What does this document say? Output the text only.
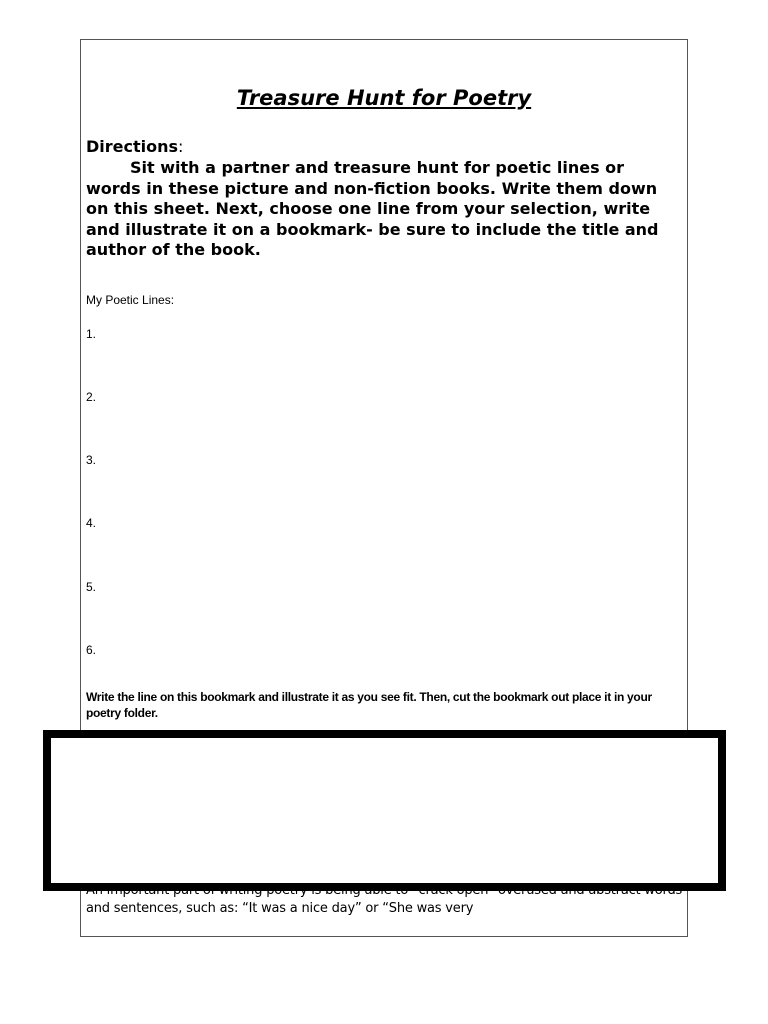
Treasure Hunt for Poetry
Directions:
Sit with a partner and treasure hunt for poetic lines or words in these picture and non-fiction books. Write them down on this sheet. Next, choose one line from your selection, write and illustrate it on a bookmark- be sure to include the title and author of the book.
My Poetic Lines:
1.
2.
3.
4.
5.
6.
Write the line on this bookmark and illustrate it as you see fit. Then, cut the bookmark out place it in your poetry folder.
and sentences, such as: “It was a nice day” or “She was very
